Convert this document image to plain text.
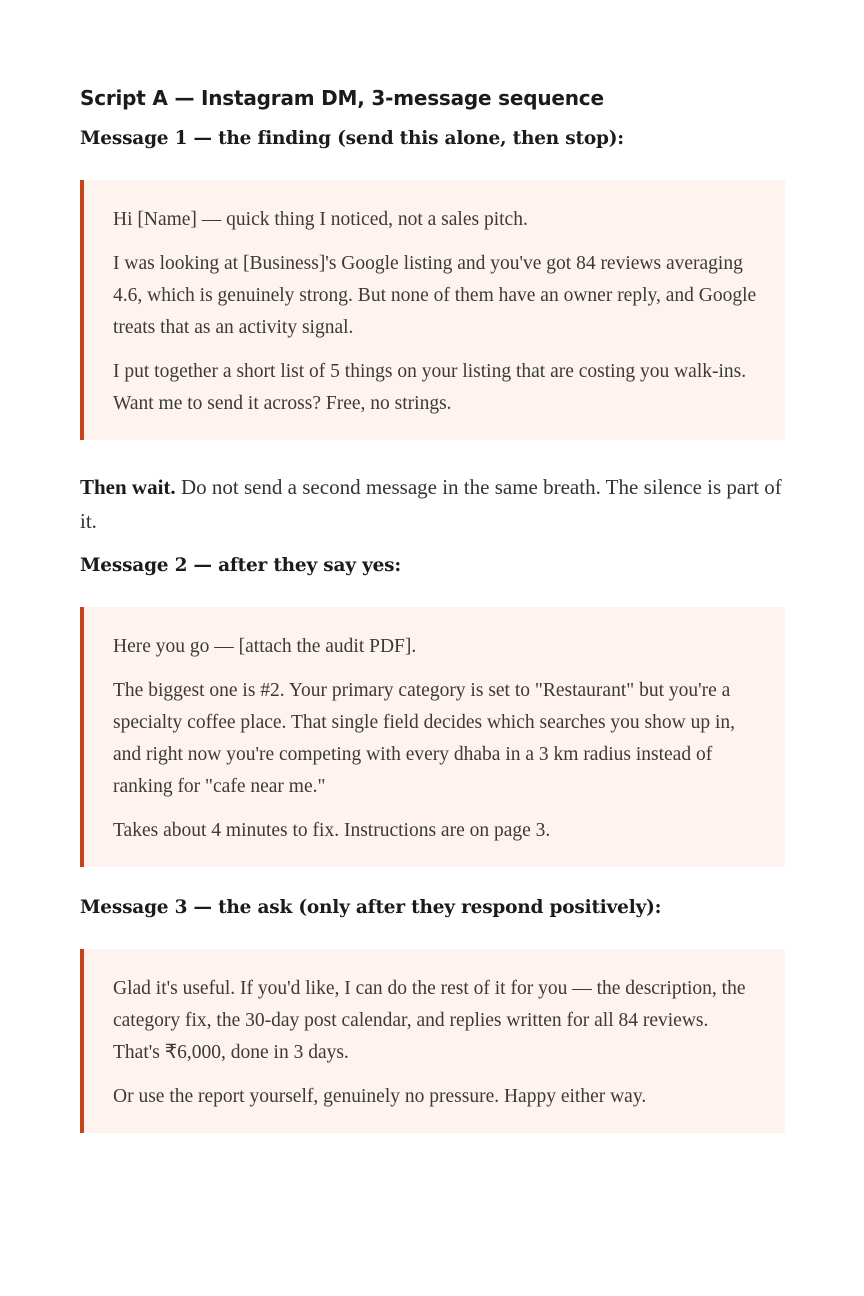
Script A — Instagram DM, 3-message sequence
Message 1 — the finding (send this alone, then stop):

Hi [Name] — quick thing I noticed, not a sales pitch.

I was looking at [Business]'s Google listing and you've got 84 reviews averaging 4.6, which is genuinely strong. But none of them have an owner reply, and Google treats that as an activity signal.

I put together a short list of 5 things on your listing that are costing you walk-ins. Want me to send it across? Free, no strings.

Then wait. Do not send a second message in the same breath. The silence is part of it.

Message 2 — after they say yes:

Here you go — [attach the audit PDF].

The biggest one is #2. Your primary category is set to "Restaurant" but you're a specialty coffee place. That single field decides which searches you show up in, and right now you're competing with every dhaba in a 3 km radius instead of ranking for "cafe near me."

Takes about 4 minutes to fix. Instructions are on page 3.

Message 3 — the ask (only after they respond positively):

Glad it's useful. If you'd like, I can do the rest of it for you — the description, the category fix, the 30-day post calendar, and replies written for all 84 reviews. That's ₹6,000, done in 3 days.

Or use the report yourself, genuinely no pressure. Happy either way.
